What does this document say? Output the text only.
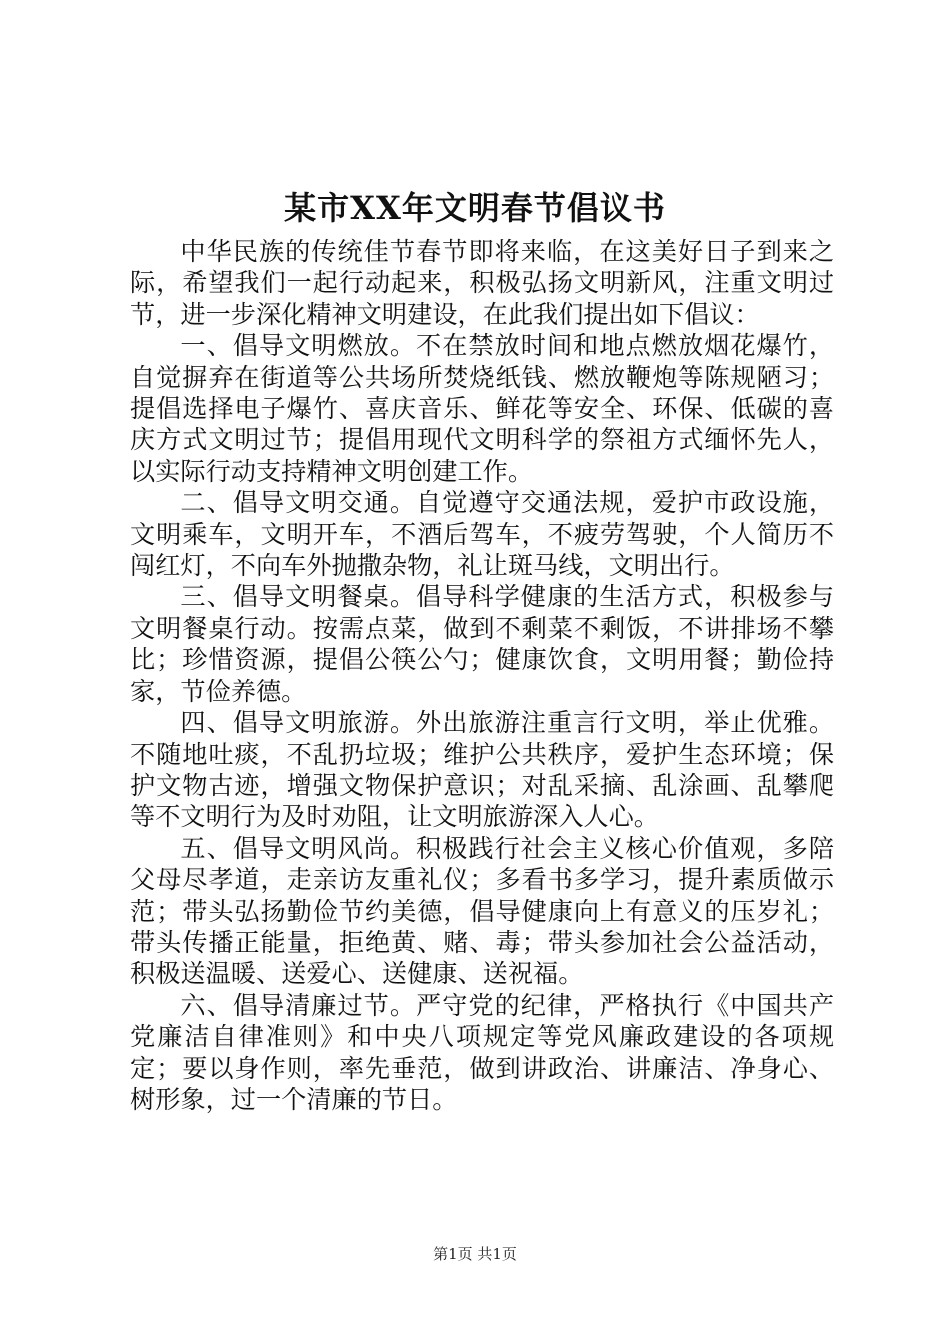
某市XX年文明春节倡议书

中华民族的传统佳节春节即将来临，在这美好日子到来之际，希望我们一起行动起来，积极弘扬文明新风，注重文明过节，进一步深化精神文明建设，在此我们提出如下倡议：

一、倡导文明燃放。不在禁放时间和地点燃放烟花爆竹，自觉摒弃在街道等公共场所焚烧纸钱、燃放鞭炮等陈规陋习；提倡选择电子爆竹、喜庆音乐、鲜花等安全、环保、低碳的喜庆方式文明过节；提倡用现代文明科学的祭祖方式缅怀先人，以实际行动支持精神文明创建工作。

二、倡导文明交通。自觉遵守交通法规，爱护市政设施，文明乘车，文明开车，不酒后驾车，不疲劳驾驶，个人简历不闯红灯，不向车外抛撒杂物，礼让斑马线，文明出行。

三、倡导文明餐桌。倡导科学健康的生活方式，积极参与文明餐桌行动。按需点菜，做到不剩菜不剩饭，不讲排场不攀比；珍惜资源，提倡公筷公勺；健康饮食，文明用餐；勤俭持家，节俭养德。

四、倡导文明旅游。外出旅游注重言行文明，举止优雅。不随地吐痰，不乱扔垃圾；维护公共秩序，爱护生态环境；保护文物古迹，增强文物保护意识；对乱采摘、乱涂画、乱攀爬等不文明行为及时劝阻，让文明旅游深入人心。

五、倡导文明风尚。积极践行社会主义核心价值观，多陪父母尽孝道，走亲访友重礼仪；多看书多学习，提升素质做示范；带头弘扬勤俭节约美德，倡导健康向上有意义的压岁礼；带头传播正能量，拒绝黄、赌、毒；带头参加社会公益活动，积极送温暖、送爱心、送健康、送祝福。

六、倡导清廉过节。严守党的纪律，严格执行《中国共产党廉洁自律准则》和中央八项规定等党风廉政建设的各项规定；要以身作则，率先垂范，做到讲政治、讲廉洁、净身心、树形象，过一个清廉的节日。

第1页 共1页
